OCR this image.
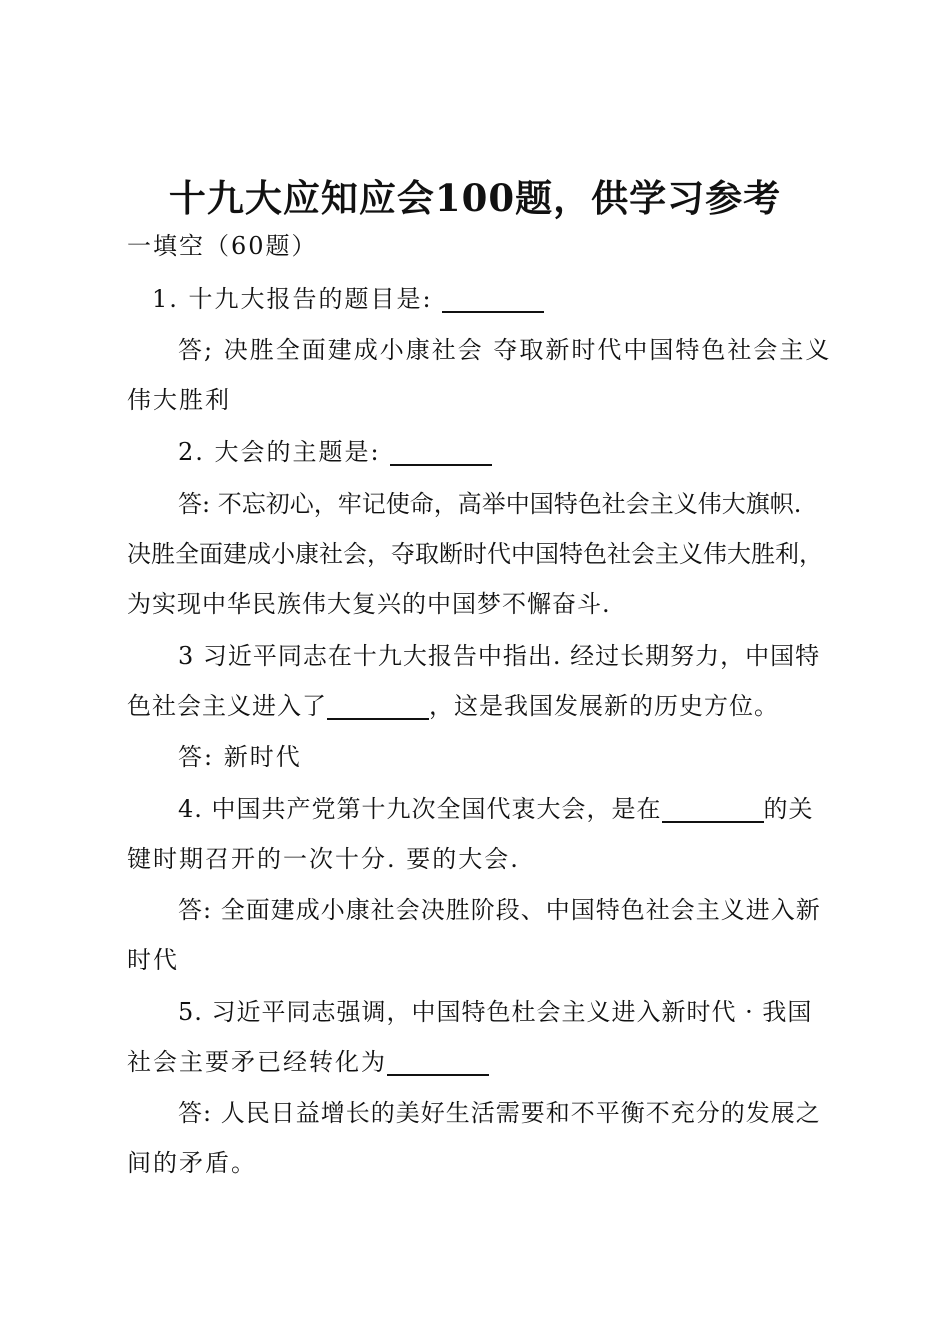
十九大应知应会100题，供学习参考
一填空（60题）
1. 十九大报告的题目是:
答; 决胜全面建成小康社会 夺取新时代中国特色社会主义
伟大胜利
2. 大会的主题是:
答: 不忘初心，牢记使命，高举中国特色社会主义伟大旗帜.
决胜全面建成小康社会，夺取断时代中国特色社会主义伟大胜利，
为实现中华民族伟大复兴的中国梦不懈奋斗.
3 习近平同志在十九大报告中指出. 经过长期努力，中国特
色社会主义进入了	，这是我国发展新的历史方位。
答: 新时代
4. 中国共产党第十九次全国代衷大会，是在	的关
键时期召开的一次十分. 要的大会.
答: 全面建成小康社会决胜阶段、中国特色社会主义进入新
时代
5. 习近平同志强调，中国特色杜会主义进入新时代 · 我国
社会主要矛已经转化为
答: 人民日益增长的美好生活需要和不平衡不充分的发展之
间的矛盾。
